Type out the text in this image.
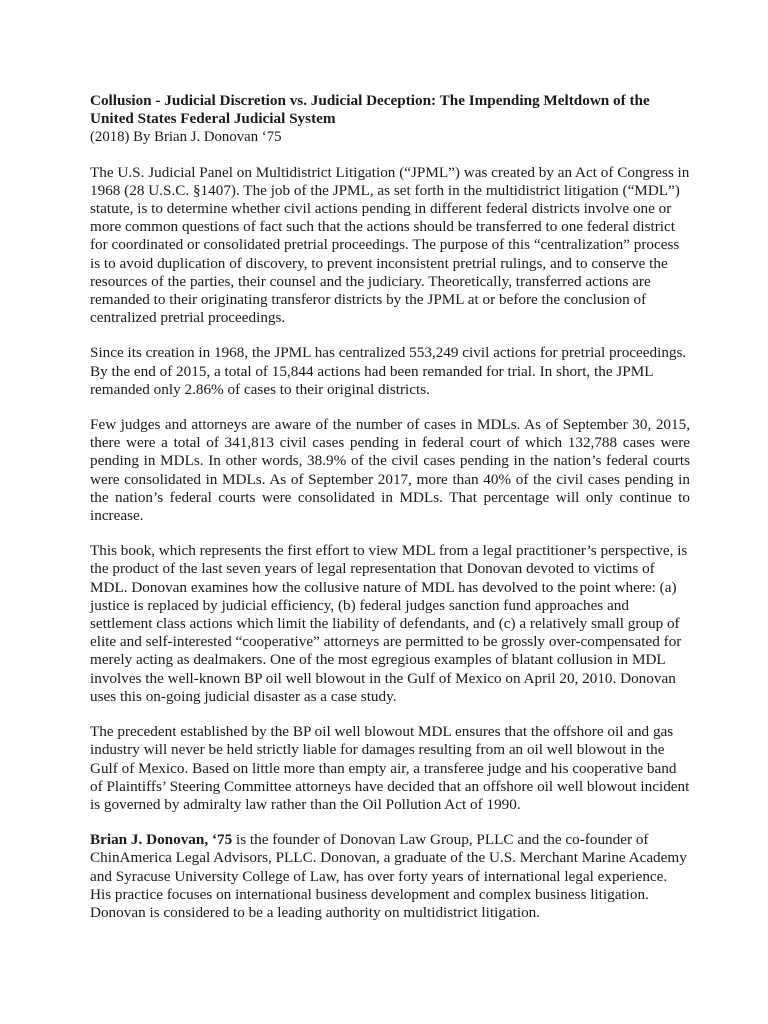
Collusion - Judicial Discretion vs. Judicial Deception: The Impending Meltdown of the United States Federal Judicial System
(2018) By Brian J. Donovan ‘75

The U.S. Judicial Panel on Multidistrict Litigation (“JPML”) was created by an Act of Congress in 1968 (28 U.S.C. §1407). The job of the JPML, as set forth in the multidistrict litigation (“MDL”) statute, is to determine whether civil actions pending in different federal districts involve one or more common questions of fact such that the actions should be transferred to one federal district for coordinated or consolidated pretrial proceedings. The purpose of this “centralization” process is to avoid duplication of discovery, to prevent inconsistent pretrial rulings, and to conserve the resources of the parties, their counsel and the judiciary. Theoretically, transferred actions are remanded to their originating transferor districts by the JPML at or before the conclusion of centralized pretrial proceedings.

Since its creation in 1968, the JPML has centralized 553,249 civil actions for pretrial proceedings. By the end of 2015, a total of 15,844 actions had been remanded for trial. In short, the JPML remanded only 2.86% of cases to their original districts.

Few judges and attorneys are aware of the number of cases in MDLs. As of September 30, 2015, there were a total of 341,813 civil cases pending in federal court of which 132,788 cases were pending in MDLs. In other words, 38.9% of the civil cases pending in the nation’s federal courts were consolidated in MDLs. As of September 2017, more than 40% of the civil cases pending in the nation’s federal courts were consolidated in MDLs. That percentage will only continue to increase.

This book, which represents the first effort to view MDL from a legal practitioner’s perspective, is the product of the last seven years of legal representation that Donovan devoted to victims of MDL. Donovan examines how the collusive nature of MDL has devolved to the point where: (a) justice is replaced by judicial efficiency, (b) federal judges sanction fund approaches and settlement class actions which limit the liability of defendants, and (c) a relatively small group of elite and self-interested “cooperative” attorneys are permitted to be grossly over-compensated for merely acting as dealmakers. One of the most egregious examples of blatant collusion in MDL involves the well-known BP oil well blowout in the Gulf of Mexico on April 20, 2010. Donovan uses this on-going judicial disaster as a case study.

The precedent established by the BP oil well blowout MDL ensures that the offshore oil and gas industry will never be held strictly liable for damages resulting from an oil well blowout in the Gulf of Mexico. Based on little more than empty air, a transferee judge and his cooperative band of Plaintiffs’ Steering Committee attorneys have decided that an offshore oil well blowout incident is governed by admiralty law rather than the Oil Pollution Act of 1990.

Brian J. Donovan, ‘75 is the founder of Donovan Law Group, PLLC and the co-founder of ChinAmerica Legal Advisors, PLLC. Donovan, a graduate of the U.S. Merchant Marine Academy and Syracuse University College of Law, has over forty years of international legal experience. His practice focuses on international business development and complex business litigation. Donovan is considered to be a leading authority on multidistrict litigation.
